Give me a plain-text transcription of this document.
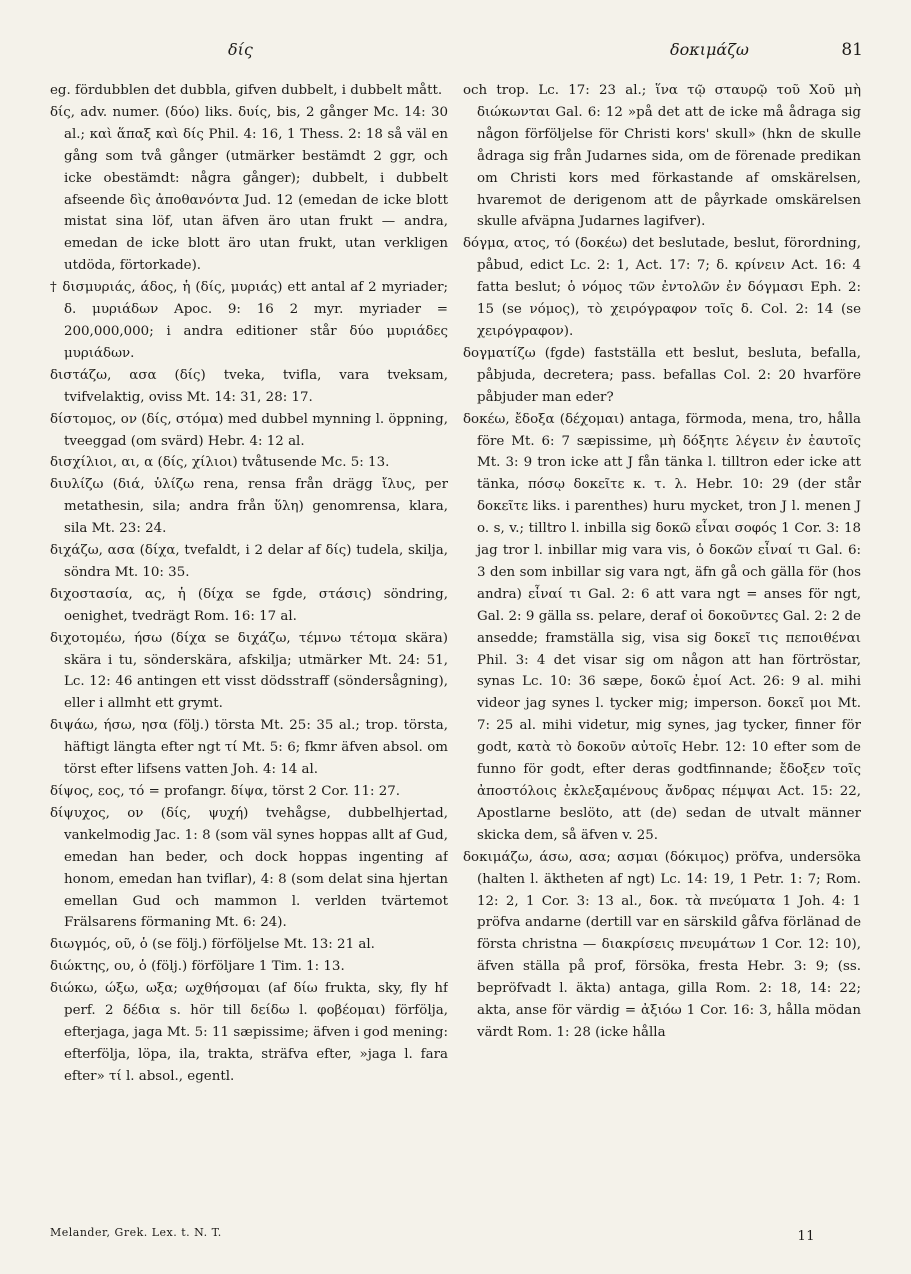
δίς	δοκιμάζω	81

eg. fördubblen det dubbla, gifven dubbelt, i dubbelt mått.

δίς, adv. numer. (δύο) liks. δυίς, bis, 2 gånger Mc. 14: 30 al.; καὶ ἅπαξ καὶ δίς Phil. 4: 16, 1 Thess. 2: 18 så väl en gång som två gånger (utmärker bestämdt 2 ggr, och icke obestämdt: några gånger); dubbelt, i dubbelt afseende δὶς ἀποθανόντα Jud. 12 (emedan de icke blott mistat sina löf, utan äfven äro utan frukt — andra, emedan de icke blott äro utan frukt, utan verkligen utdöda, förtorkade).

† δισμυριάς, άδος, ἡ (δίς, μυριάς) ett antal af 2 myriader; δ. μυριάδων Apoc. 9: 16 2 myr. myriader = 200,000,000; i andra editioner står δύο μυριάδες μυριάδων.

διστάζω, ασα (δίς) tveka, tvifla, vara tveksam, tvifvelaktig, oviss Mt. 14: 31, 28: 17.

δίστομος, ον (δίς, στόμα) med dubbel mynning l. öppning, tveeggad (om svärd) Hebr. 4: 12 al.

δισχίλιοι, αι, α (δίς, χίλιοι) tvåtusende Mc. 5: 13.

διυλίζω (διά, ὑλίζω rena, rensa från drägg ἴλυς, per metathesin, sila; andra från ὕλη) genomrensa, klara, sila Mt. 23: 24.

διχάζω, ασα (δίχα, tvefaldt, i 2 delar af δίς) tudela, skilja, söndra Mt. 10: 35.

διχοστασία, ας, ἡ (δίχα se fgde, στάσις) söndring, oenighet, tvedrägt Rom. 16: 17 al.

διχοτομέω, ήσω (δίχα se διχάζω, τέμνω τέτομα skära) skära i tu, sönderskära, afskilja; utmärker Mt. 24: 51, Lc. 12: 46 antingen ett visst dödsstraff (söndersågning), eller i allmht ett grymt.

διψάω, ήσω, ησα (följ.) törsta Mt. 25: 35 al.; trop. törsta, häftigt längta efter ngt τί Mt. 5: 6; fkmr äfven absol. om törst efter lifsens vatten Joh. 4: 14 al.

δίψος, εος, τό = profangr. δίψα, törst 2 Cor. 11: 27.

δίψυχος, ον (δίς, ψυχή) tvehågse, dubbelhjertad, vankelmodig Jac. 1: 8 (som väl synes hoppas allt af Gud, emedan han beder, och dock hoppas ingenting af honom, emedan han tviflar), 4: 8 (som delat sina hjertan emellan Gud och mammon l. verlden tvärtemot Frälsarens förmaning Mt. 6: 24).

διωγμός, οῦ, ὁ (se följ.) förföljelse Mt. 13: 21 al.

διώκτης, ου, ὁ (följ.) förföljare 1 Tim. 1: 13.

διώκω, ώξω, ωξα; ωχθήσομαι (af δίω frukta, sky, fly hf perf. 2 δέδια s. hör till δείδω l. φοβέομαι) förfölja, efterjaga, jaga Mt. 5: 11 sæpissime; äfven i god mening: efterfölja, löpa, ila, trakta, sträfva efter, »jaga l. fara efter» τί l. absol., egentl.

och trop. Lc. 17: 23 al.; ἵνα τῷ σταυρῷ τοῦ Χοῦ μὴ διώκωνται Gal. 6: 12 »på det att de icke må ådraga sig någon förföljelse för Christi kors' skull» (hkn de skulle ådraga sig från Judarnes sida, om de förenade predikan om Christi kors med förkastande af omskärelsen, hvaremot de derigenom att de påyrkade omskärelsen skulle afväpna Judarnes lagifver).

δόγμα, ατος, τό (δοκέω) det beslutade, beslut, förordning, påbud, edict Lc. 2: 1, Act. 17: 7; δ. κρίνειν Act. 16: 4 fatta beslut; ὁ νόμος τῶν ἐντολῶν ἐν δόγμασι Eph. 2: 15 (se νόμος), τὸ χειρόγραφον τοῖς δ. Col. 2: 14 (se χειρόγραφον).

δογματίζω (fgde) fastställa ett beslut, besluta, befalla, påbjuda, decretera; pass. befallas Col. 2: 20 hvarföre påbjuder man eder?

δοκέω, ἔδοξα (δέχομαι) antaga, förmoda, mena, tro, hålla före Mt. 6: 7 sæpissime, μὴ δόξητε λέγειν ἐν ἑαυτοῖς Mt. 3: 9 tron icke att J fån tänka l. tilltron eder icke att tänka, πόσῳ δοκεῖτε κ. τ. λ. Hebr. 10: 29 (der står δοκεῖτε liks. i parenthes) huru mycket, tron J l. menen J o. s, v.; tilltro l. inbilla sig δοκῶ εἶναι σοφός 1 Cor. 3: 18 jag tror l. inbillar mig vara vis, ὁ δοκῶν εἶναί τι Gal. 6: 3 den som inbillar sig vara ngt, äfn gå och gälla för (hos andra) εἶναί τι Gal. 2: 6 att vara ngt = anses för ngt, Gal. 2: 9 gälla ss. pelare, deraf οἱ δοκοῦντες Gal. 2: 2 de ansedde; framställa sig, visa sig δοκεῖ τις πεποιθέναι Phil. 3: 4 det visar sig om någon att han förtröstar, synas Lc. 10: 36 sæpe, δοκῶ ἐμοί Act. 26: 9 al. mihi videor jag synes l. tycker mig; imperson. δοκεῖ μοι Mt. 7: 25 al. mihi videtur, mig synes, jag tycker, finner för godt, κατὰ τὸ δοκοῦν αὐτοῖς Hebr. 12: 10 efter som de funno för godt, efter deras godtfinnande; ἔδοξεν τοῖς ἀποστόλοις ἐκλεξαμένους ἄνδρας πέμψαι Act. 15: 22, Apostlarne beslöto, att (de) sedan de utvalt männer skicka dem, så äfven v. 25.

δοκιμάζω, άσω, ασα; ασμαι (δόκιμος) pröfva, undersöka (halten l. äktheten af ngt) Lc. 14: 19, 1 Petr. 1: 7; Rom. 12: 2, 1 Cor. 3: 13 al., δοκ. τὰ πνεύματα 1 Joh. 4: 1 pröfva andarne (dertill var en särskild gåfva förlänad de första christna — διακρίσεις πνευμάτων 1 Cor. 12: 10), äfven ställa på prof, försöka, fresta Hebr. 3: 9; (ss. bepröfvadt l. äkta) antaga, gilla Rom. 2: 18, 14: 22; akta, anse för värdig = ἀξιόω 1 Cor. 16: 3, hålla mödan värdt Rom. 1: 28 (icke hålla

Melander, Grek. Lex. t. N. T.	11
